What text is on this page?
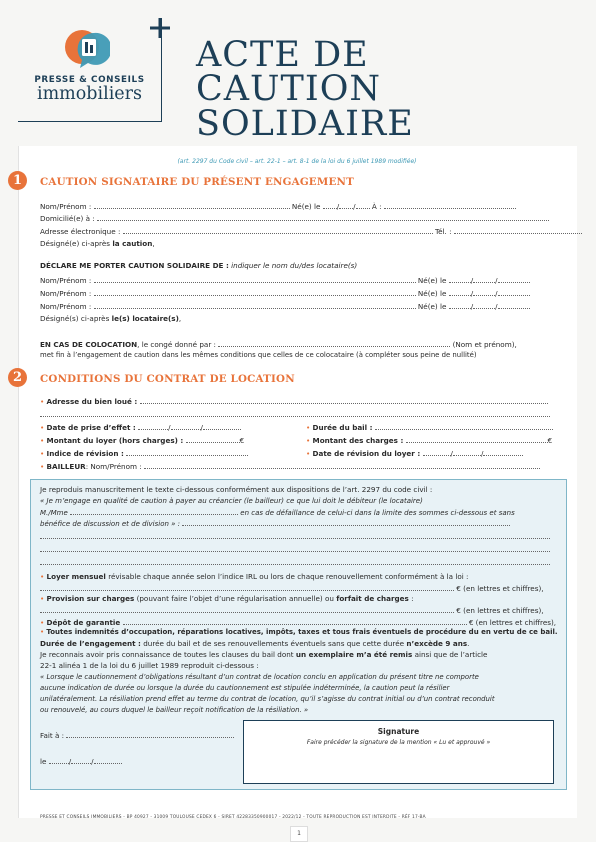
PRESSE & CONSEILS
immobiliers
ACTE DE
CAUTION SOLIDAIRE
(art. 2297 du Code civil – art. 22-1 – art. 8-1 de la loi du 6 juillet 1989 modifiée)
1	CAUTION SIGNATAIRE DU PRÉSENT ENGAGEMENT
Nom/Prénom :	Né(e) le / / À :
Domicilié(e) à :
Adresse électronique :	Tél. :
Désigné(e) ci-après la caution,
DÉCLARE ME PORTER CAUTION SOLIDAIRE DE : indiquer le nom du/des locataire(s)
Nom/Prénom :	Né(e) le	/	/
Nom/Prénom :	Né(e) le	/	/
Nom/Prénom :	Né(e) le	/	/
Désigné(s) ci-après le(s) locataire(s),
EN CAS DE COLOCATION, le congé donné par :	(Nom et prénom),
met fin à l’engagement de caution dans les mêmes conditions que celles de ce colocataire (à compléter sous peine de nullité)
2	CONDITIONS DU CONTRAT DE LOCATION
• Adresse du bien loué :
• Date de prise d’effet :	/	/	• Durée du bail :
• Montant du loyer (hors charges) :	€	• Montant des charges :	€
• Indice de révision :	• Date de révision du loyer :	/	/
• BAILLEUR: Nom/Prénom :
Je reproduis manuscritement le texte ci-dessous conformément aux dispositions de l’art. 2297 du code civil :
« Je m’engage en qualité de caution à payer au créancier (le bailleur) ce que lui doit le débiteur (le locataire)
M./Mme	en cas de défaillance de celui-ci dans la limite des sommes ci-dessous et sans
bénéfice de discussion et de division » :
• Loyer mensuel révisable chaque année selon l’indice IRL ou lors de chaque renouvellement conformément à la loi :
€ (en lettres et chiffres),
• Provision sur charges (pouvant faire l’objet d’une régularisation annuelle) ou forfait de charges :
€ (en lettres et chiffres),
• Dépôt de garantie	€ (en lettres et chiffres),
• Toutes indemnités d’occupation, réparations locatives, impôts, taxes et tous frais éventuels de procédure du en vertu de ce bail.
Durée de l’engagement : durée du bail et de ses renouvellements éventuels sans que cette durée n’excède 9 ans.
Je reconnais avoir pris connaissance de toutes les clauses du bail dont un exemplaire m’a été remis ainsi que de l’article
22-1 alinéa 1 de la loi du 6 juillet 1989 reproduit ci-dessous :
« Lorsque le cautionnement d’obligations résultant d’un contrat de location conclu en application du présent titre ne comporte
aucune indication de durée ou lorsque la durée du cautionnement est stipulée indéterminée, la caution peut la résilier
unilatéralement. La résiliation prend effet au terme du contrat de location, qu’il s’agisse du contrat initial ou d’un contrat reconduit
ou renouvelé, au cours duquel le bailleur reçoit notification de la résiliation. »
Fait à :
le	/	/
Signature
Faire précéder la signature de la mention « Lu et approuvé »
PRESSE ET CONSEILS IMMOBILIERS - BP 40927 - 31009 TOULOUSE CEDEX 6 - SIRET 42283350900017 - 2022/12 - TOUTE REPRODUCTION EST INTERDITE - RÉF 17-BA
1
